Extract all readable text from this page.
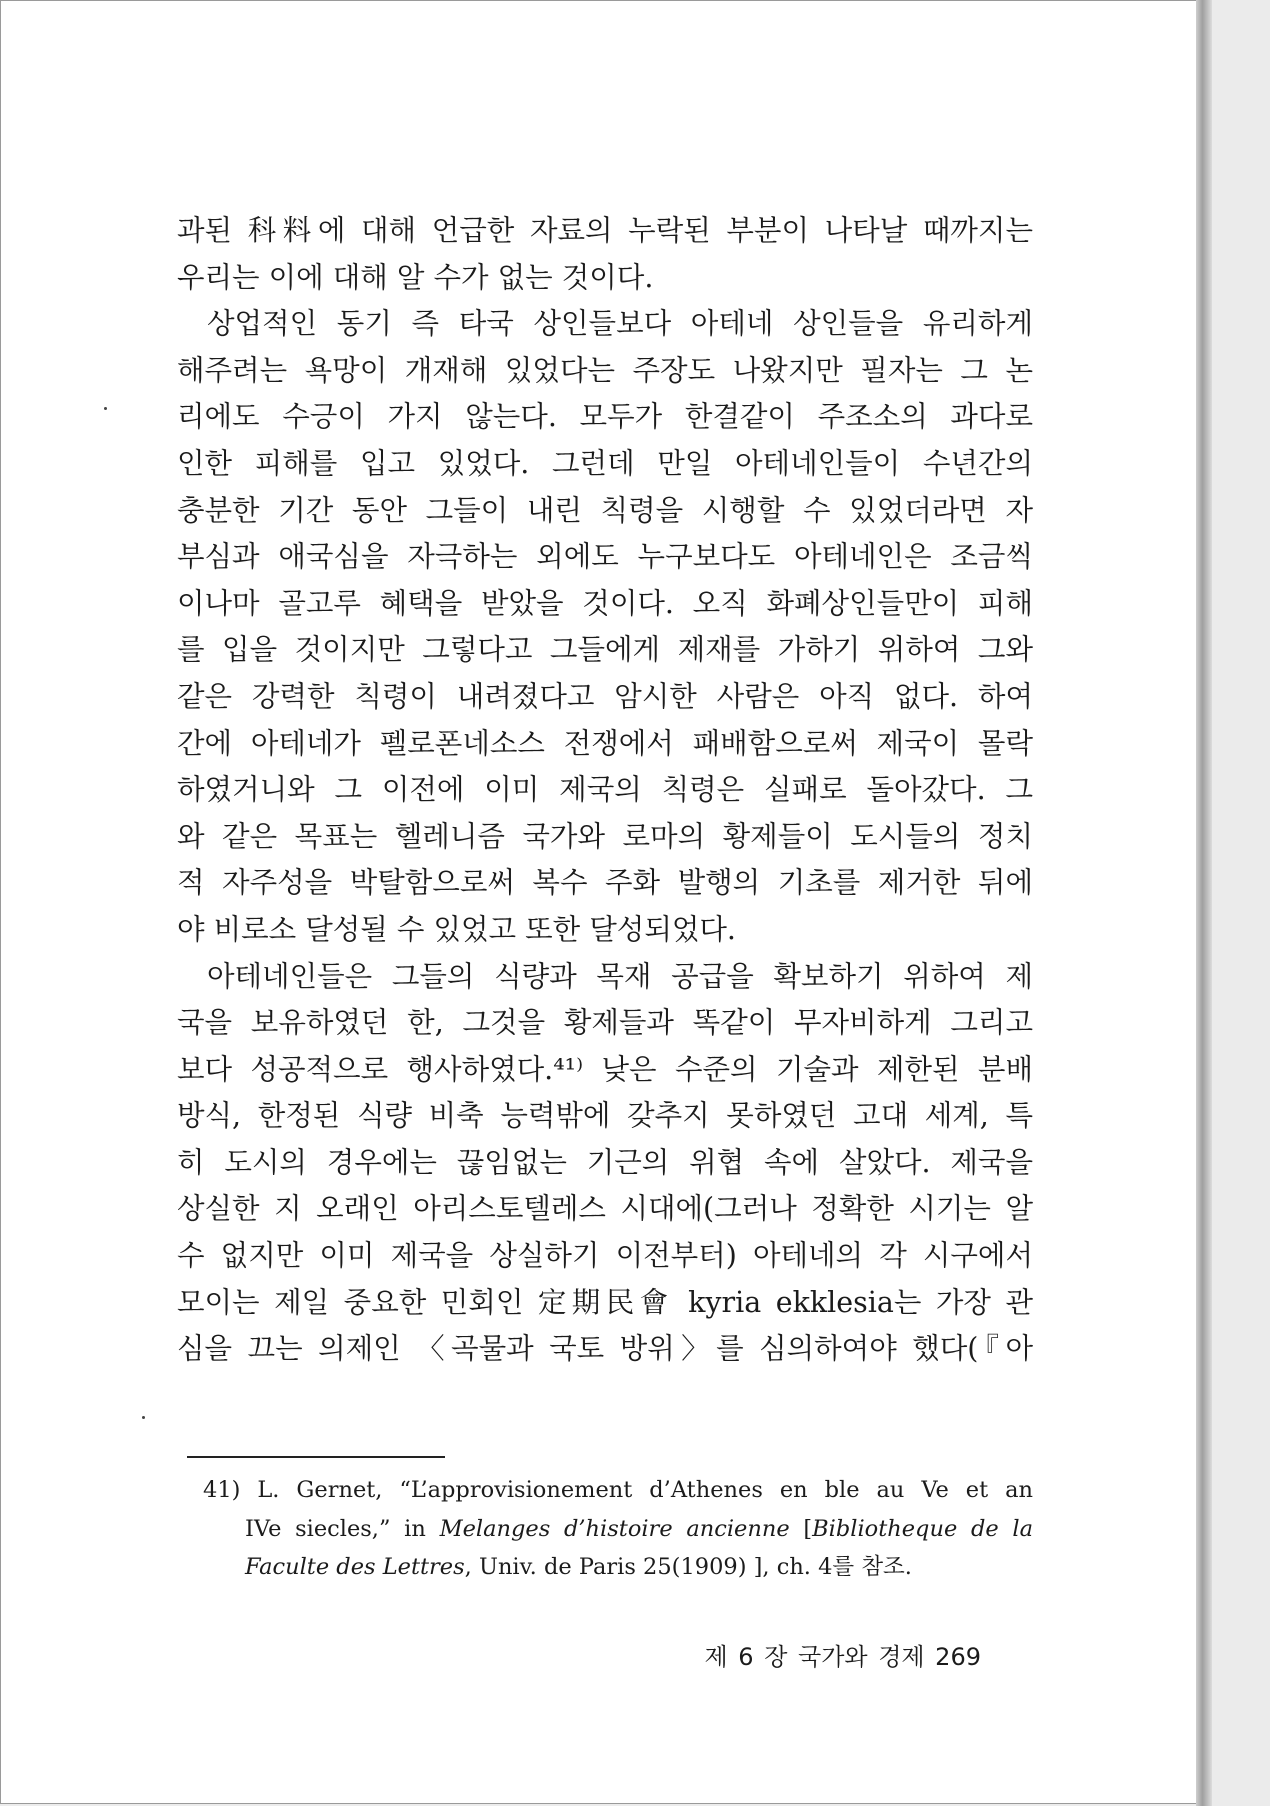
과된 科料에 대해 언급한 자료의 누락된 부분이 나타날 때까지는
우리는 이에 대해 알 수가 없는 것이다.
상업적인 동기 즉 타국 상인들보다 아테네 상인들을 유리하게
해주려는 욕망이 개재해 있었다는 주장도 나왔지만 필자는 그 논
리에도 수긍이 가지 않는다. 모두가 한결같이 주조소의 과다로
인한 피해를 입고 있었다. 그런데 만일 아테네인들이 수년간의
충분한 기간 동안 그들이 내린 칙령을 시행할 수 있었더라면 자
부심과 애국심을 자극하는 외에도 누구보다도 아테네인은 조금씩
이나마 골고루 혜택을 받았을 것이다. 오직 화폐상인들만이 피해
를 입을 것이지만 그렇다고 그들에게 제재를 가하기 위하여 그와
같은 강력한 칙령이 내려졌다고 암시한 사람은 아직 없다. 하여
간에 아테네가 펠로폰네소스 전쟁에서 패배함으로써 제국이 몰락
하였거니와 그 이전에 이미 제국의 칙령은 실패로 돌아갔다. 그
와 같은 목표는 헬레니즘 국가와 로마의 황제들이 도시들의 정치
적 자주성을 박탈함으로써 복수 주화 발행의 기초를 제거한 뒤에
야 비로소 달성될 수 있었고 또한 달성되었다.
아테네인들은 그들의 식량과 목재 공급을 확보하기 위하여 제
국을 보유하였던 한, 그것을 황제들과 똑같이 무자비하게 그리고
보다 성공적으로 행사하였다.⁴¹⁾ 낮은 수준의 기술과 제한된 분배
방식, 한정된 식량 비축 능력밖에 갖추지 못하였던 고대 세계, 특
히 도시의 경우에는 끊임없는 기근의 위협 속에 살았다. 제국을
상실한 지 오래인 아리스토텔레스 시대에(그러나 정확한 시기는 알
수 없지만 이미 제국을 상실하기 이전부터) 아테네의 각 시구에서
모이는 제일 중요한 민회인 定期民會 kyria ekklesia는 가장 관
심을 끄는 의제인 〈곡물과 국토 방위〉를 심의하여야 했다(『아
41) L. Gernet, “L’approvisionement d’Athenes en ble au Ve et an
IVe siecles,” in Melanges d’histoire ancienne [Bibliotheque de la
Faculte des Lettres, Univ. de Paris 25(1909) ], ch. 4를 참조.
제 6 장 국가와 경제 269
